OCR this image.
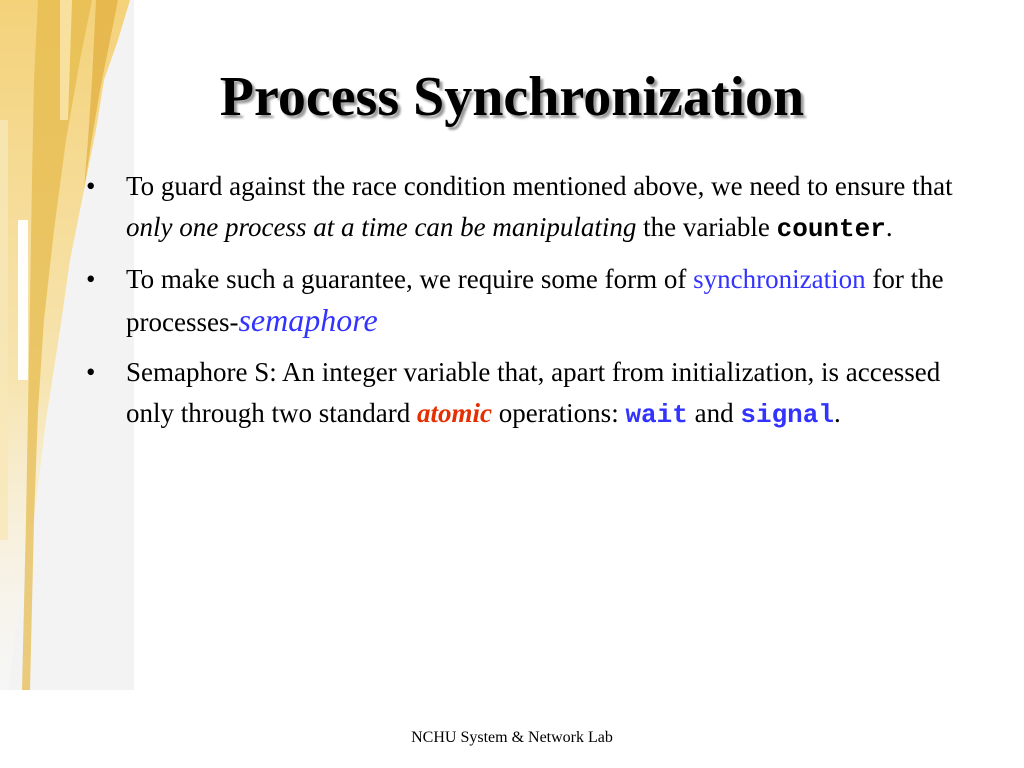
Process Synchronization
• To guard against the race condition mentioned above, we need to ensure that only one process at a time can be manipulating the variable counter.
• To make such a guarantee, we require some form of synchronization for the processes-semaphore
• Semaphore S: An integer variable that, apart from initialization, is accessed only through two standard atomic operations: wait and signal.
NCHU System & Network Lab
